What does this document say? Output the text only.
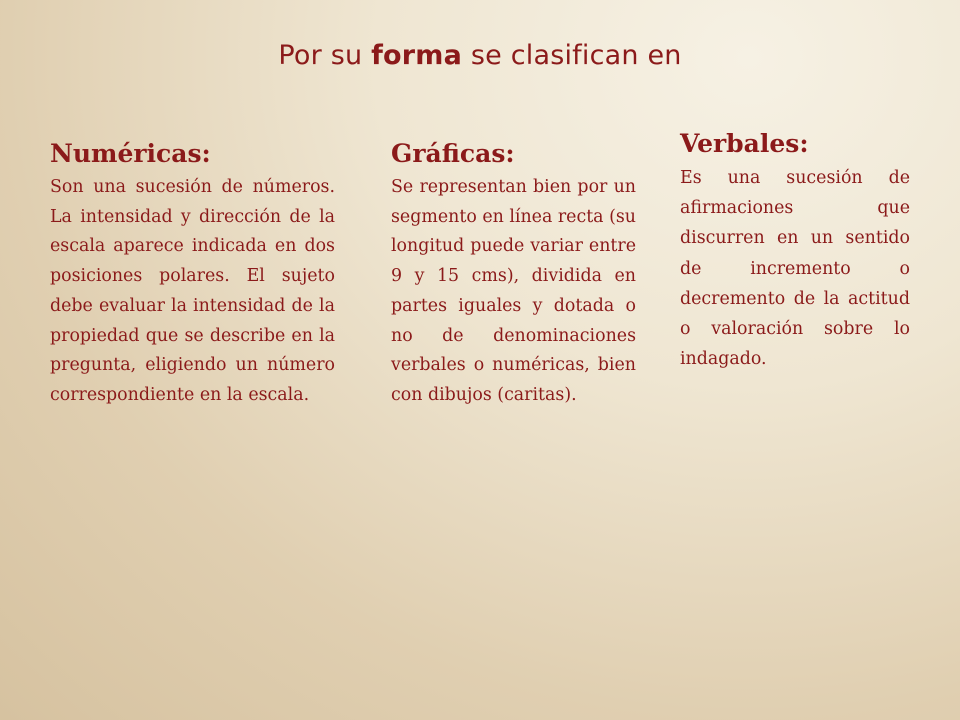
Por su forma se clasifican en
Numéricas:

Son una sucesión de números. La intensidad y dirección de la escala aparece indicada en dos posiciones polares. El sujeto debe evaluar la intensidad de la propiedad que se describe en la pregunta, eligiendo un número correspondiente en la escala.

Gráficas:

Se representan bien por un segmento en línea recta (su longitud puede variar entre 9 y 15 cms), dividida en partes iguales y dotada o no de denominaciones verbales o numéricas, bien con dibujos (caritas).

Verbales:

Es una sucesión de afirmaciones que discurren en un sentido de incremento o decremento de la actitud o valoración sobre lo indagado.
